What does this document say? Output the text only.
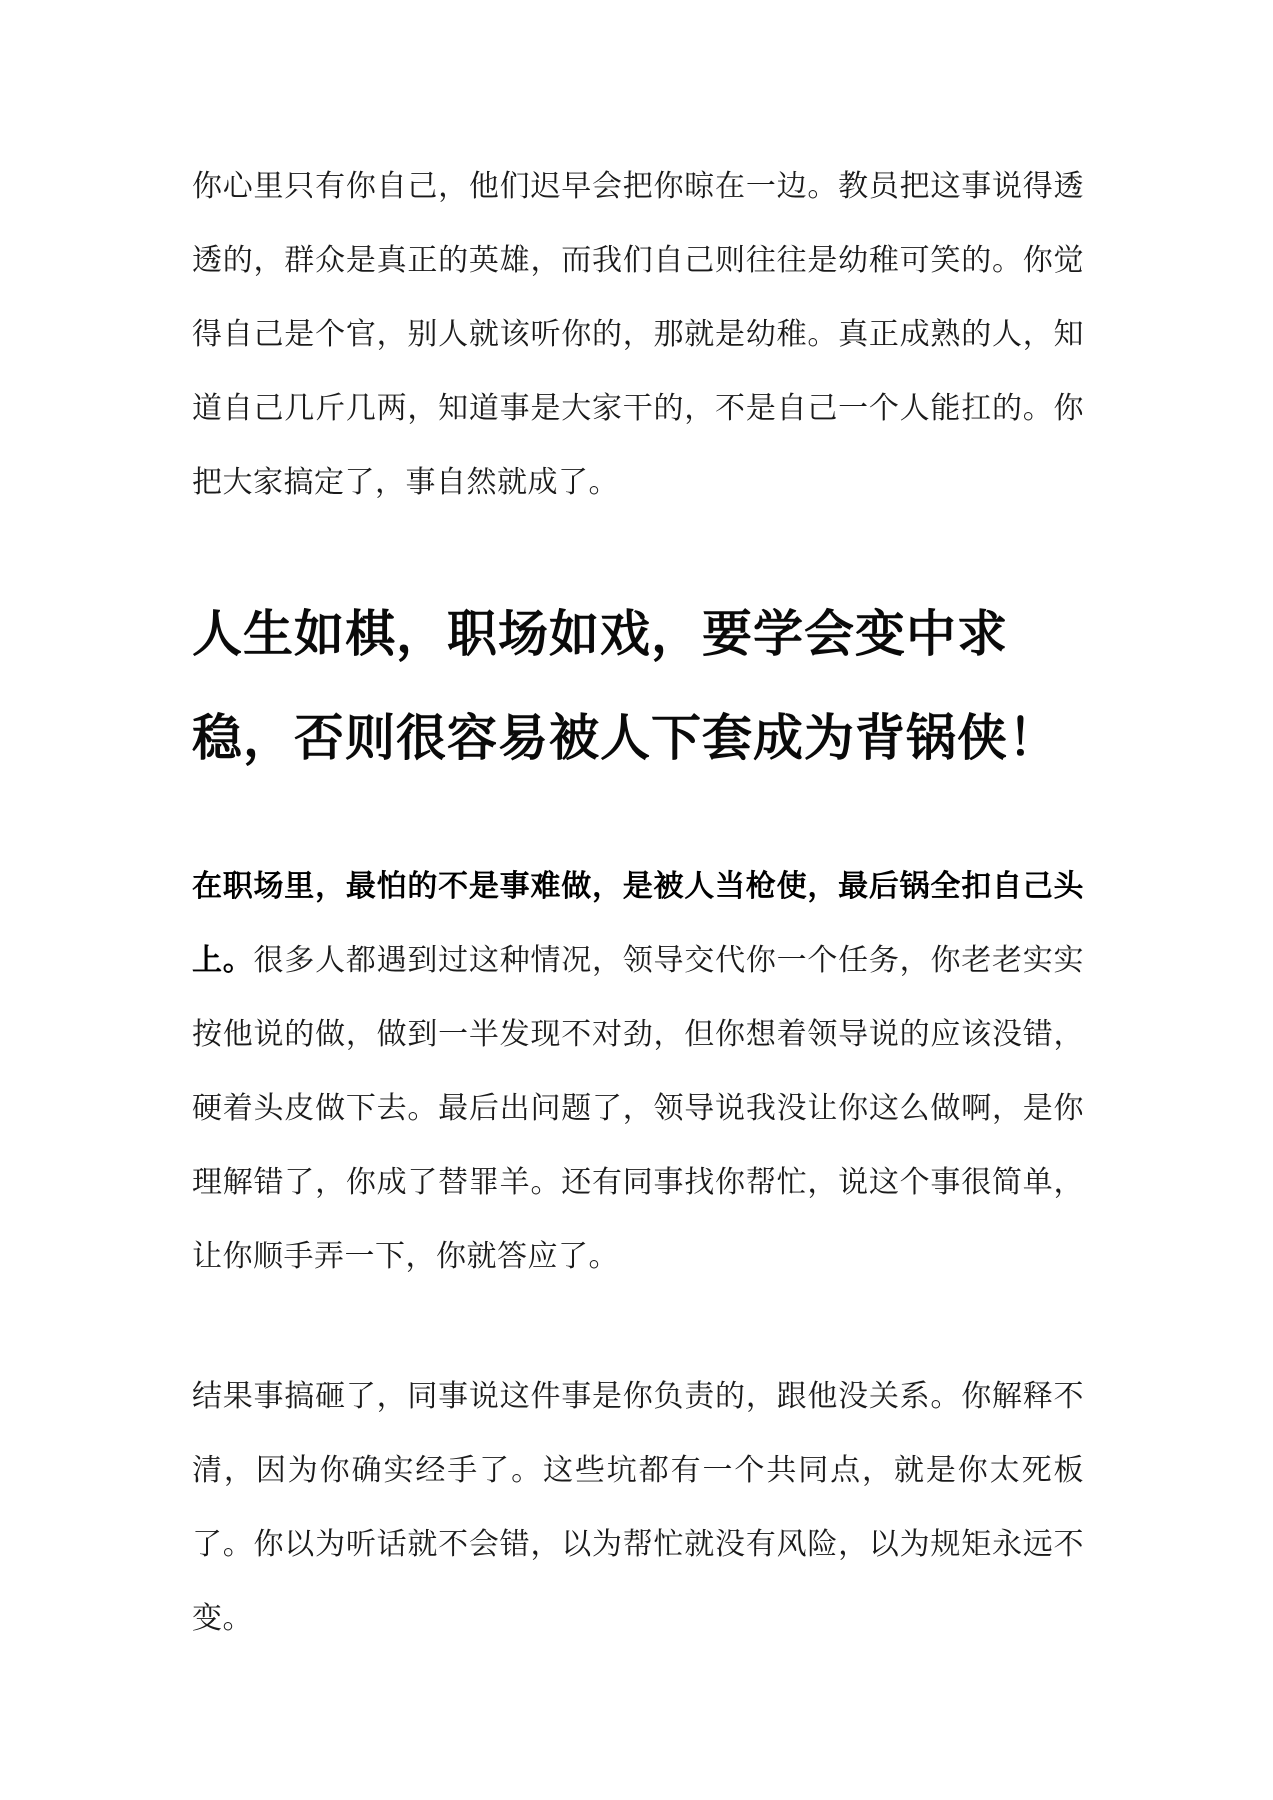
你心里只有你自己，他们迟早会把你晾在一边。教员把这事说得透透的，群众是真正的英雄，而我们自己则往往是幼稚可笑的。你觉得自己是个官，别人就该听你的，那就是幼稚。真正成熟的人，知道自己几斤几两，知道事是大家干的，不是自己一个人能扛的。你把大家搞定了，事自然就成了。

人生如棋，职场如戏，要学会变中求稳，否则很容易被人下套成为背锅侠！

在职场里，最怕的不是事难做，是被人当枪使，最后锅全扣自己头上。很多人都遇到过这种情况，领导交代你一个任务，你老老实实按他说的做，做到一半发现不对劲，但你想着领导说的应该没错，硬着头皮做下去。最后出问题了，领导说我没让你这么做啊，是你理解错了，你成了替罪羊。还有同事找你帮忙，说这个事很简单，让你顺手弄一下，你就答应了。

结果事搞砸了，同事说这件事是你负责的，跟他没关系。你解释不清，因为你确实经手了。这些坑都有一个共同点，就是你太死板了。你以为听话就不会错，以为帮忙就没有风险，以为规矩永远不变。
